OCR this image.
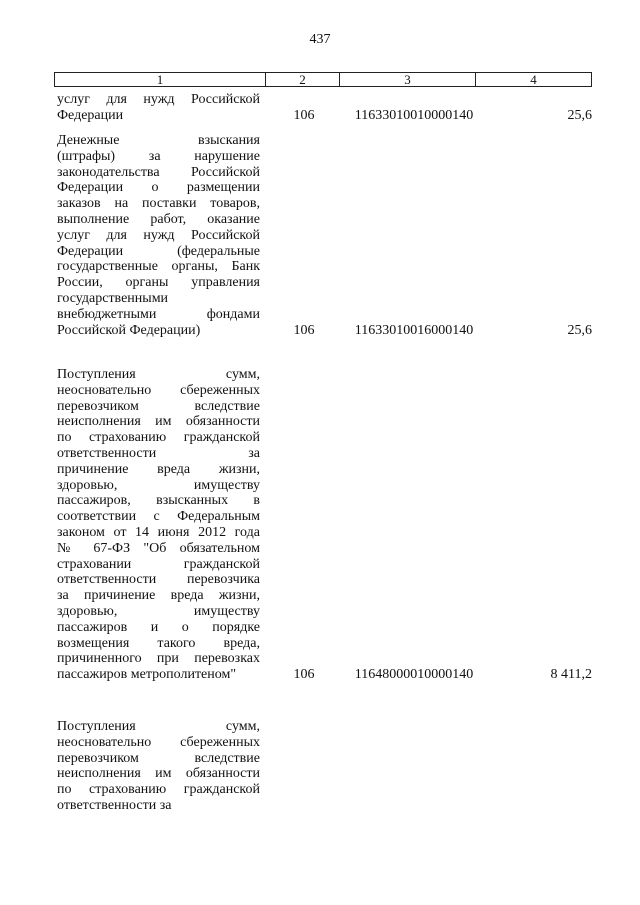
437
1	2	3	4
услуг для нужд Российской
Федерации	106	11633010010000140	25,6
Денежные взыскания
(штрафы) за нарушение
законодательства Российской
Федерации о размещении
заказов на поставки товаров,
выполнение работ, оказание
услуг для нужд Российской
Федерации (федеральные
государственные органы, Банк
России, органы управления
государственными
внебюджетными фондами
Российской Федерации)	106	11633010016000140	25,6
Поступления сумм,
неосновательно сбереженных
перевозчиком вследствие
неисполнения им обязанности
по страхованию гражданской
ответственности за
причинение вреда жизни,
здоровью, имуществу
пассажиров, взысканных в
соответствии с Федеральным
законом от 14 июня 2012 года
№ 67-ФЗ "Об обязательном
страховании гражданской
ответственности перевозчика
за причинение вреда жизни,
здоровью, имуществу
пассажиров и о порядке
возмещения такого вреда,
причиненного при перевозках
пассажиров метрополитеном"	106	11648000010000140	8 411,2
Поступления сумм,
неосновательно сбереженных
перевозчиком вследствие
неисполнения им обязанности
по страхованию гражданской
ответственности за
